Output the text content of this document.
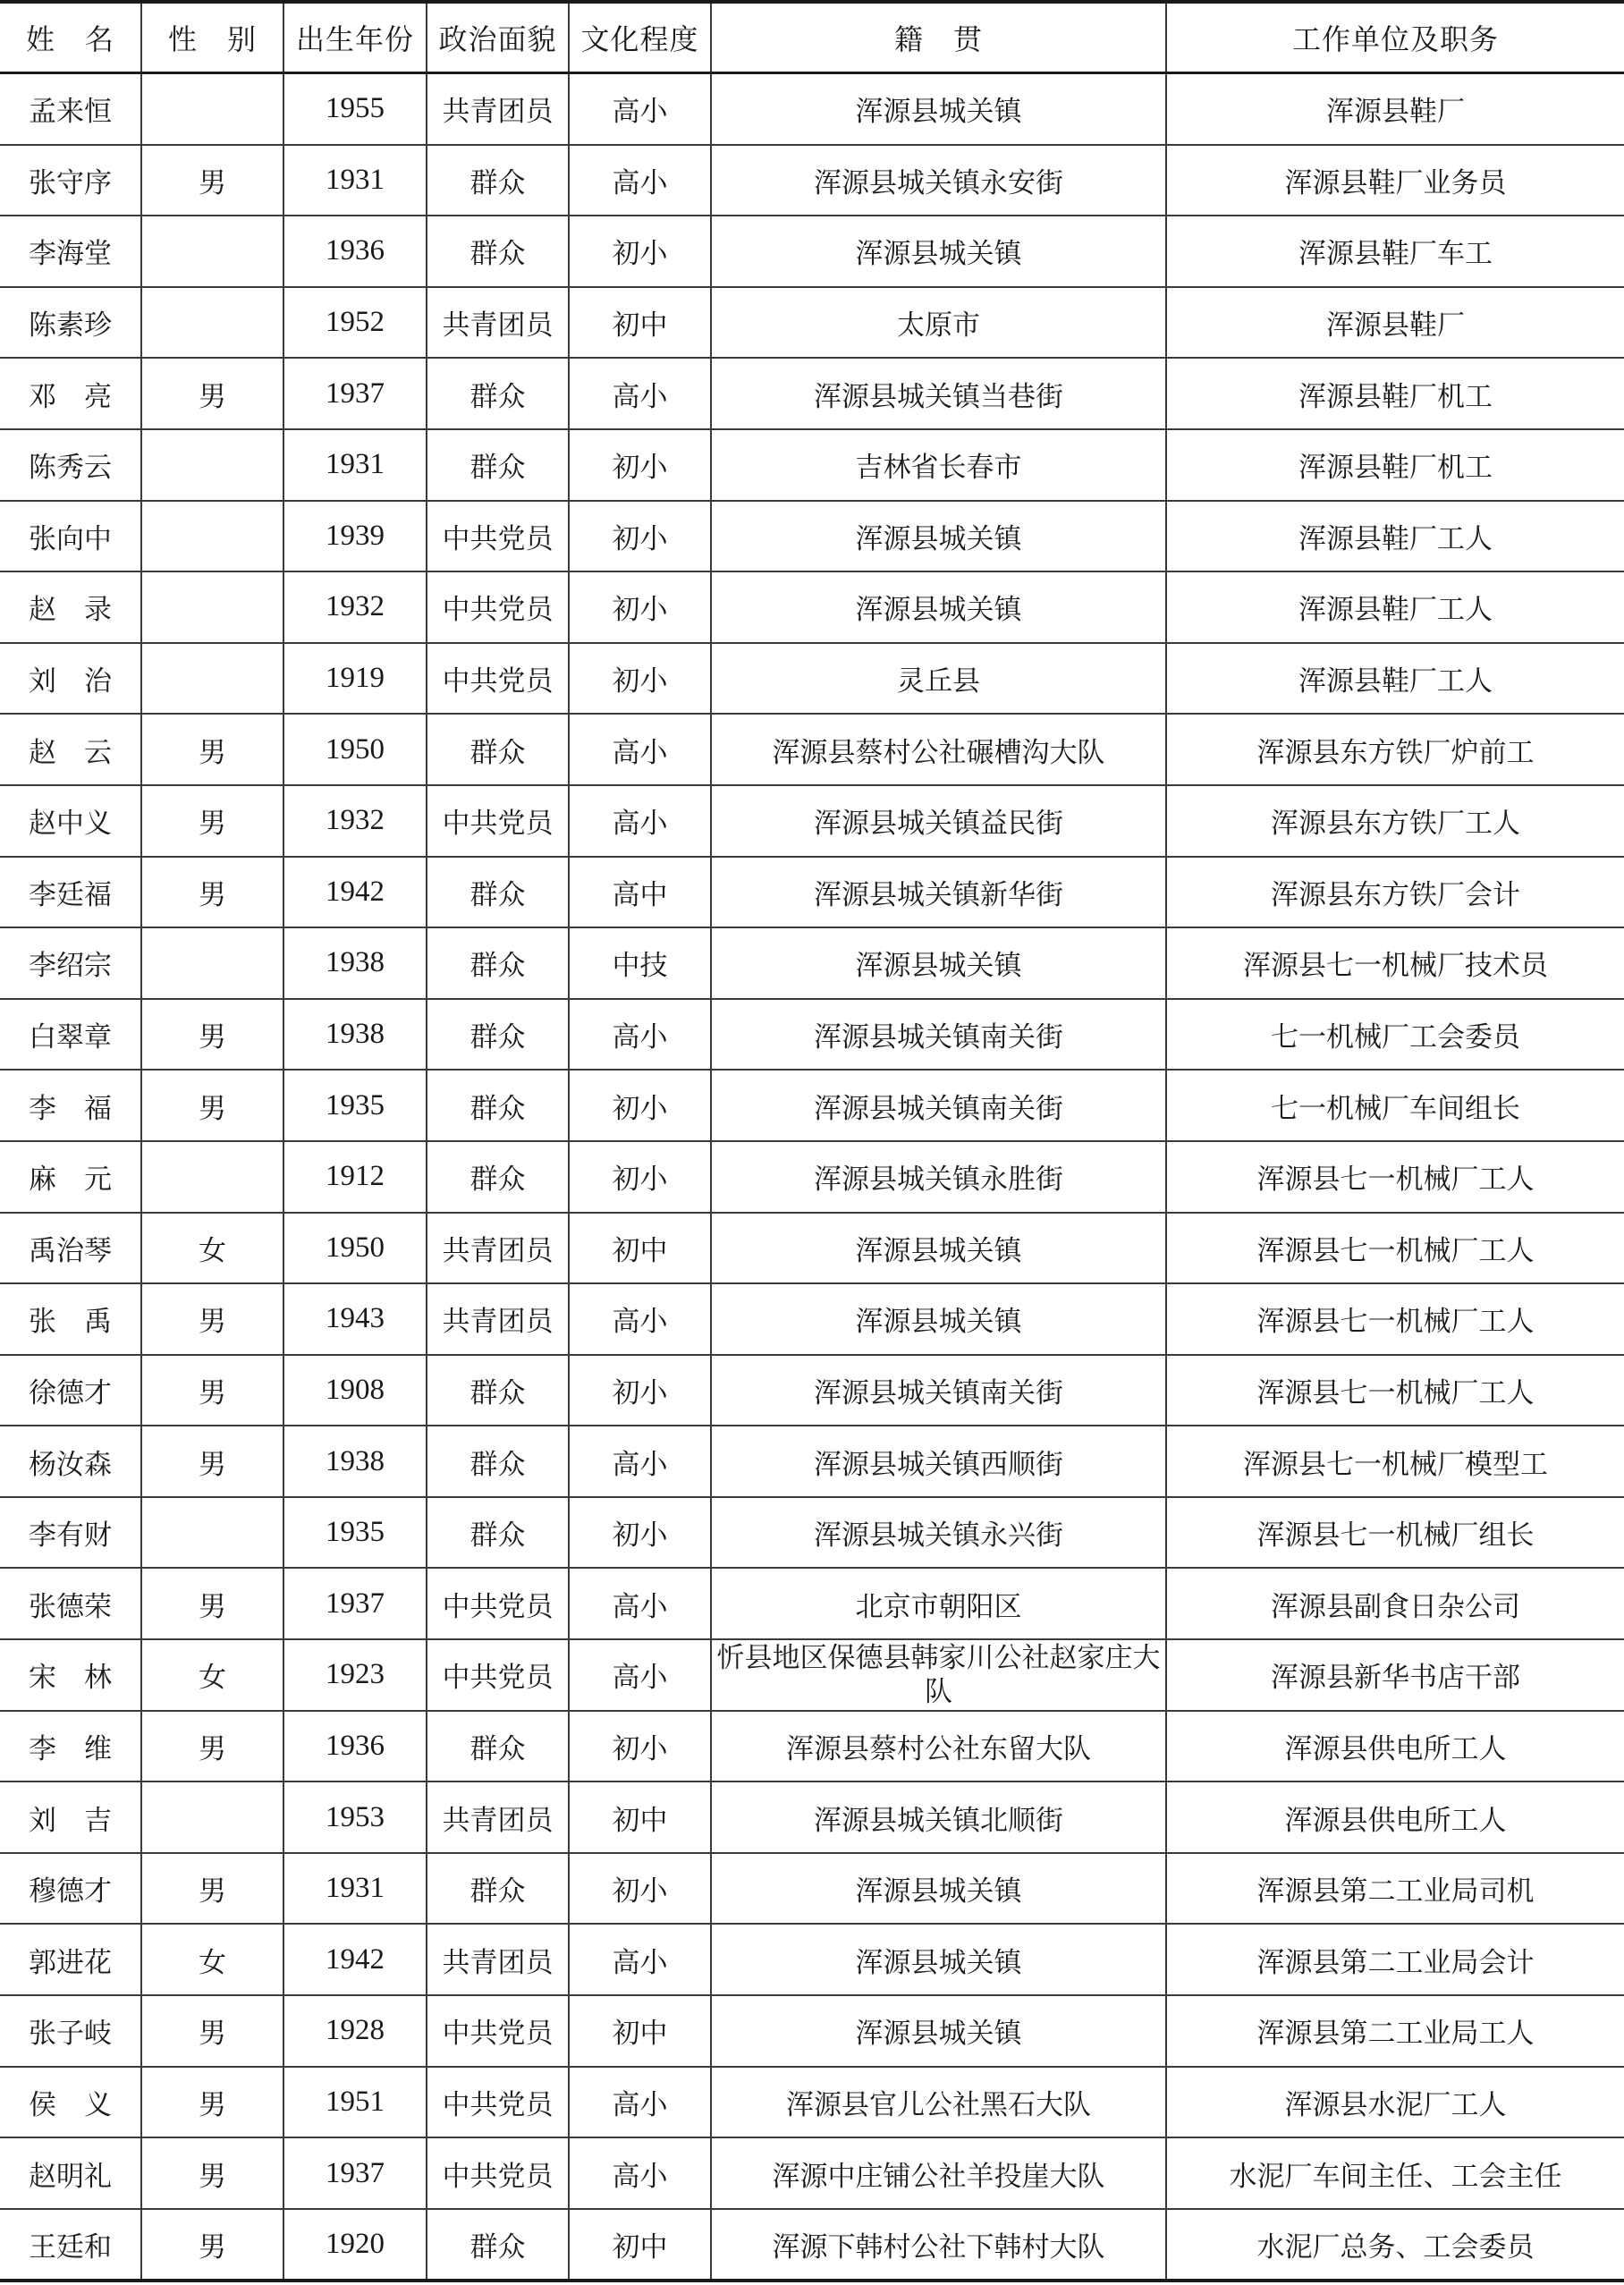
姓　名	性　别	出生年份	政治面貌	文化程度	籍　贯	工作单位及职务
孟来恒		1955	共青团员	高小	浑源县城关镇	浑源县鞋厂
张守序	男	1931	群众	高小	浑源县城关镇永安街	浑源县鞋厂业务员
李海堂		1936	群众	初小	浑源县城关镇	浑源县鞋厂车工
陈素珍		1952	共青团员	初中	太原市	浑源县鞋厂
邓　亮	男	1937	群众	高小	浑源县城关镇当巷街	浑源县鞋厂机工
陈秀云		1931	群众	初小	吉林省长春市	浑源县鞋厂机工
张向中		1939	中共党员	初小	浑源县城关镇	浑源县鞋厂工人
赵　录		1932	中共党员	初小	浑源县城关镇	浑源县鞋厂工人
刘　治		1919	中共党员	初小	灵丘县	浑源县鞋厂工人
赵　云	男	1950	群众	高小	浑源县蔡村公社碾槽沟大队	浑源县东方铁厂炉前工
赵中义	男	1932	中共党员	高小	浑源县城关镇益民街	浑源县东方铁厂工人
李廷福	男	1942	群众	高中	浑源县城关镇新华街	浑源县东方铁厂会计
李绍宗		1938	群众	中技	浑源县城关镇	浑源县七一机械厂技术员
白翠章	男	1938	群众	高小	浑源县城关镇南关街	七一机械厂工会委员
李　福	男	1935	群众	初小	浑源县城关镇南关街	七一机械厂车间组长
麻　元		1912	群众	初小	浑源县城关镇永胜街	浑源县七一机械厂工人
禹治琴	女	1950	共青团员	初中	浑源县城关镇	浑源县七一机械厂工人
张　禹	男	1943	共青团员	高小	浑源县城关镇	浑源县七一机械厂工人
徐德才	男	1908	群众	初小	浑源县城关镇南关街	浑源县七一机械厂工人
杨汝森	男	1938	群众	高小	浑源县城关镇西顺街	浑源县七一机械厂模型工
李有财		1935	群众	初小	浑源县城关镇永兴街	浑源县七一机械厂组长
张德荣	男	1937	中共党员	高小	北京市朝阳区	浑源县副食日杂公司
宋　林	女	1923	中共党员	高小	忻县地区保德县韩家川公社赵家庄大队	浑源县新华书店干部
李　维	男	1936	群众	初小	浑源县蔡村公社东留大队	浑源县供电所工人
刘　吉		1953	共青团员	初中	浑源县城关镇北顺街	浑源县供电所工人
穆德才	男	1931	群众	初小	浑源县城关镇	浑源县第二工业局司机
郭进花	女	1942	共青团员	高小	浑源县城关镇	浑源县第二工业局会计
张子岐	男	1928	中共党员	初中	浑源县城关镇	浑源县第二工业局工人
侯　义	男	1951	中共党员	高小	浑源县官儿公社黑石大队	浑源县水泥厂工人
赵明礼	男	1937	中共党员	高小	浑源中庄铺公社羊投崖大队	水泥厂车间主任、工会主任
王廷和	男	1920	群众	初中	浑源下韩村公社下韩村大队	水泥厂总务、工会委员
